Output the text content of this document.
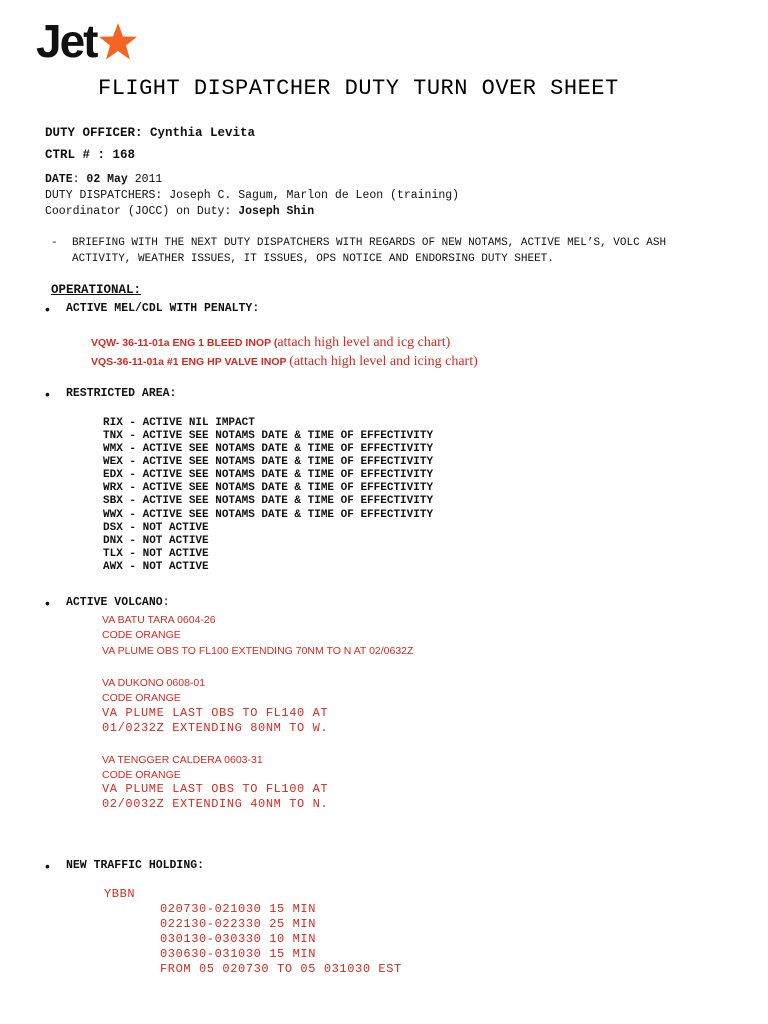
Jet
FLIGHT DISPATCHER DUTY TURN OVER SHEET
DUTY OFFICER: Cynthia Levita
CTRL # : 168
DATE: 02 May 2011
DUTY DISPATCHERS: Joseph C. Sagum, Marlon de Leon (training)
Coordinator (JOCC) on Duty: Joseph Shin
- BRIEFING WITH THE NEXT DUTY DISPATCHERS WITH REGARDS OF NEW NOTAMS, ACTIVE MEL’S, VOLC ASH
ACTIVITY, WEATHER ISSUES, IT ISSUES, OPS NOTICE AND ENDORSING DUTY SHEET.
OPERATIONAL:
• ACTIVE MEL/CDL WITH PENALTY:
VQW- 36-11-01a ENG 1 BLEED INOP (attach high level and icg chart)
VQS-36-11-01a #1 ENG HP VALVE INOP (attach high level and icing chart)
• RESTRICTED AREA:
RIX - ACTIVE NIL IMPACT
TNX - ACTIVE SEE NOTAMS DATE & TIME OF EFFECTIVITY
WMX - ACTIVE SEE NOTAMS DATE & TIME OF EFFECTIVITY
WEX - ACTIVE SEE NOTAMS DATE & TIME OF EFFECTIVITY
EDX - ACTIVE SEE NOTAMS DATE & TIME OF EFFECTIVITY
WRX - ACTIVE SEE NOTAMS DATE & TIME OF EFFECTIVITY
SBX - ACTIVE SEE NOTAMS DATE & TIME OF EFFECTIVITY
WWX - ACTIVE SEE NOTAMS DATE & TIME OF EFFECTIVITY
DSX - NOT ACTIVE
DNX - NOT ACTIVE
TLX - NOT ACTIVE
AWX - NOT ACTIVE
• ACTIVE VOLCANO:
VA BATU TARA 0604-26
CODE ORANGE
VA PLUME OBS TO FL100 EXTENDING 70NM TO N AT 02/0632Z
VA DUKONO 0608-01
CODE ORANGE
VA PLUME LAST OBS TO FL140 AT
01/0232Z EXTENDING 80NM TO W.
VA TENGGER CALDERA 0603-31
CODE ORANGE
VA PLUME LAST OBS TO FL100 AT
02/0032Z EXTENDING 40NM TO N.
• NEW TRAFFIC HOLDING:
YBBN
020730-021030 15 MIN
022130-022330 25 MIN
030130-030330 10 MIN
030630-031030 15 MIN
FROM 05 020730 TO 05 031030 EST
